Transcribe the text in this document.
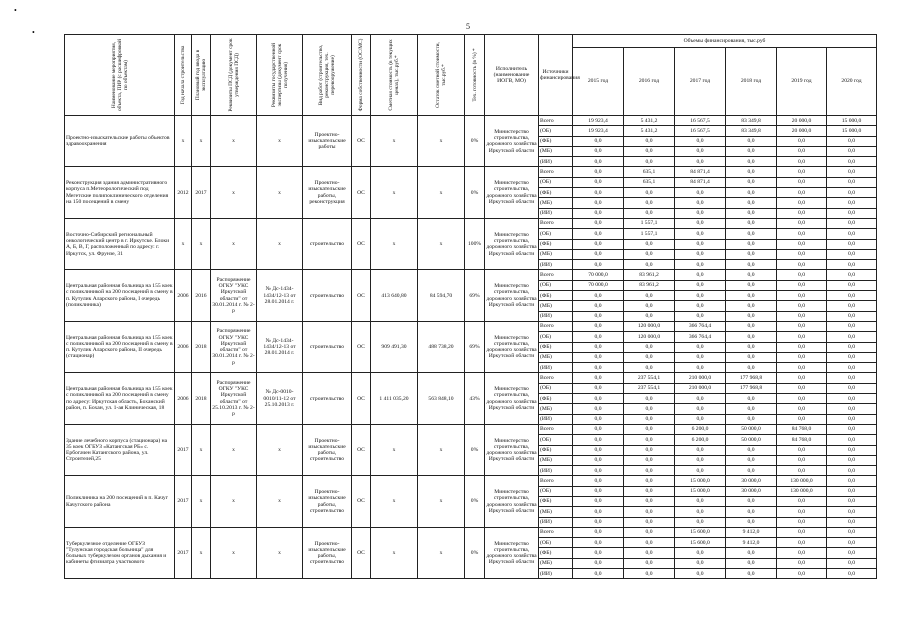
5
•
•
Наименование мероприятия, объекта, ПИР (с расшифровкой по объектам)	Год начала строительства	Плановый год ввода в эксплуатацию	Реквизиты ПСД (документ срок утверждения ПСД)	Реквизиты государственной экспертизы (документ срок получения)	Вид работ (строительство, реконструкция, тех. перевооружение)	Форма собственности (ОС/МС)	Сметная стоимость (в текущих ценах), тыс.руб.*	Остаток сметной стоимости, тыс.руб.*	Тех. готовность (в %) *	Исполнитель (наименование ИОГВ, МО)	Источники финансирования	Объемы финансирования, тыс.руб					
												2015 год	2016 год	2017 год	2018 год	2019 год	2020 год
Проектно-изыскательские работы объектов здравоохранения	х	х	х	х	Проектно-изыскательские работы	ОС	х	х	0%	Министерство строительства, дорожного хозяйства Иркутской области	Всего	19 923,4	5 431,2	16 567,5	83 349,8	20 000,0	15 000,0
											(ОБ)	19 923,4	5 431,2	16 567,5	83 349,8	20 000,0	15 000,0
											(ФБ)	0,0	0,0	0,0	0,0	0,0	0,0
											(МБ)	0,0	0,0	0,0	0,0	0,0	0,0
											(ИИ)	0,0	0,0	0,0	0,0	0,0	0,0
Реконструкция здания административного корпуса п.Метеорологический под Мегетские полипоклинического отделения на 150 посещений в смену	2012	2017	х	х	Проектно-изыскательские работы, реконструкция	ОС	х	х	0%	Министерство строительства, дорожного хозяйства Иркутской области	Всего	0,0	635,1	84 871,4	0,0	0,0	0,0
											(ОБ)	0,0	635,1	84 871,4	0,0	0,0	0,0
											(ФБ)	0,0	0,0	0,0	0,0	0,0	0,0
											(МБ)	0,0	0,0	0,0	0,0	0,0	0,0
											(ИИ)	0,0	0,0	0,0	0,0	0,0	0,0
Восточно-Сибирский региональный онкологический центр в г. Иркутске. Блоки А, Б, В, Г, расположенный по адресу: г. Иркутск, ул. Фрунзе, 31	х	х	х	х	строительство	ОС	х	х	100%	Министерство строительства, дорожного хозяйства Иркутской области	Всего	0,0	1 557,1	0,0	0,0	0,0	0,0
											(ОБ)	0,0	1 557,1	0,0	0,0	0,0	0,0
											(ФБ)	0,0	0,0	0,0	0,0	0,0	0,0
											(МБ)	0,0	0,0	0,0	0,0	0,0	0,0
											(ИИ)	0,0	0,0	0,0	0,0	0,0	0,0
Центральная районная больница на 155 коек с поликлиникой на 200 посещений в смену в п. Кутулик Аларского района, I очередь (поликлиника)	2006	2016	Распоряжение ОГКУ "УКС Иркутской области" от 30.01.2014 г. № 2-р	№ Дс-1434-1434/12-13 от 28.01.2014 г.	строительство	ОС	413 640,80	84 594,70	69%	Министерство строительства, дорожного хозяйства Иркутской области	Всего	70 000,0	83 961,2	0,0	0,0	0,0	0,0
											(ОБ)	70 000,0	83 961,2	0,0	0,0	0,0	0,0
											(ФБ)	0,0	0,0	0,0	0,0	0,0	0,0
											(МБ)	0,0	0,0	0,0	0,0	0,0	0,0
											(ИИ)	0,0	0,0	0,0	0,0	0,0	0,0
Центральная районная больница на 155 коек с поликлиникой на 200 посещений в смену в п. Кутулик Аларского района, II очередь (стационар)	2006	2018	Распоряжение ОГКУ "УКС Иркутской области" от 30.01.2014 г. № 2-р	№ Дс-1434-1434/12-13 от 28.01.2014 г.	строительство	ОС	909 491,30	488 738,20	69%	Министерство строительства, дорожного хозяйства Иркутской области	Всего	0,0	120 000,0	366 764,4	0,0	0,0	0,0
											(ОБ)	0,0	120 000,0	366 764,4	0,0	0,0	0,0
											(ФБ)	0,0	0,0	0,0	0,0	0,0	0,0
											(МБ)	0,0	0,0	0,0	0,0	0,0	0,0
											(ИИ)	0,0	0,0	0,0	0,0	0,0	0,0
Центральная районная больница на 155 коек с поликлиникой на 200 посещений в смену по адресу: Иркутская область, Боханский район, п. Бохан, ул. 1-ая Клиническая, 18	2006	2018	Распоряжение ОГКУ "УКС Иркутской области" от 25.10.2013 г. № 2-р	№ Дс-0010-0010/11-12 от 25.10.2013 г.	строительство	ОС	1 411 035,20	563 848,10	43%	Министерство строительства, дорожного хозяйства Иркутской области	Всего	0,0	237 554,1	210 000,0	177 968,8	0,0	0,0
											(ОБ)	0,0	237 554,1	210 000,0	177 968,8	0,0	0,0
											(ФБ)	0,0	0,0	0,0	0,0	0,0	0,0
											(МБ)	0,0	0,0	0,0	0,0	0,0	0,0
											(ИИ)	0,0	0,0	0,0	0,0	0,0	0,0
Здание лечебного корпуса (стационара) на 35 коек ОГБУЗ «Катангская РБ» с. Ербогачен Катангского района, ул. Строителей,25	2017	х	х	х	Проектно-изыскательские работы, строительство	ОС	х	х	0%	Министерство строительства, дорожного хозяйства Иркутской области	Всего	0,0	0,0	6 200,0	50 000,0	84 768,0	0,0
											(ОБ)	0,0	0,0	6 200,0	50 000,0	84 768,0	0,0
											(ФБ)	0,0	0,0	0,0	0,0	0,0	0,0
											(МБ)	0,0	0,0	0,0	0,0	0,0	0,0
											(ИИ)	0,0	0,0	0,0	0,0	0,0	0,0
Поликлиника на 200 посещений в п. Качуг Качугского района	2017	х	х	х	Проектно-изыскательские работы, строительство	ОС	х	х	0%	Министерство строительства, дорожного хозяйства Иркутской области	Всего	0,0	0,0	15 000,0	30 000,0	130 000,0	0,0
											(ОБ)	0,0	0,0	15 000,0	30 000,0	130 000,0	0,0
											(ФБ)	0,0	0,0	0,0	0,0	0,0	0,0
											(МБ)	0,0	0,0	0,0	0,0	0,0	0,0
											(ИИ)	0,0	0,0	0,0	0,0	0,0	0,0
Туберкулезное отделение ОГБУЗ "Тулунская городская больница" для больных туберкулезом органов дыхания и кабинеты фтизиатра участкового	2017	х	х	х	Проектно-изыскательские работы, строительство	ОС	х	х	0%	Министерство строительства, дорожного хозяйства Иркутской области	Всего	0,0	0,0	15 600,0	9 412,0	0,0	0,0
											(ОБ)	0,0	0,0	15 600,0	9 412,0	0,0	0,0
											(ФБ)	0,0	0,0	0,0	0,0	0,0	0,0
											(МБ)	0,0	0,0	0,0	0,0	0,0	0,0
											(ИИ)	0,0	0,0	0,0	0,0	0,0	0,0
